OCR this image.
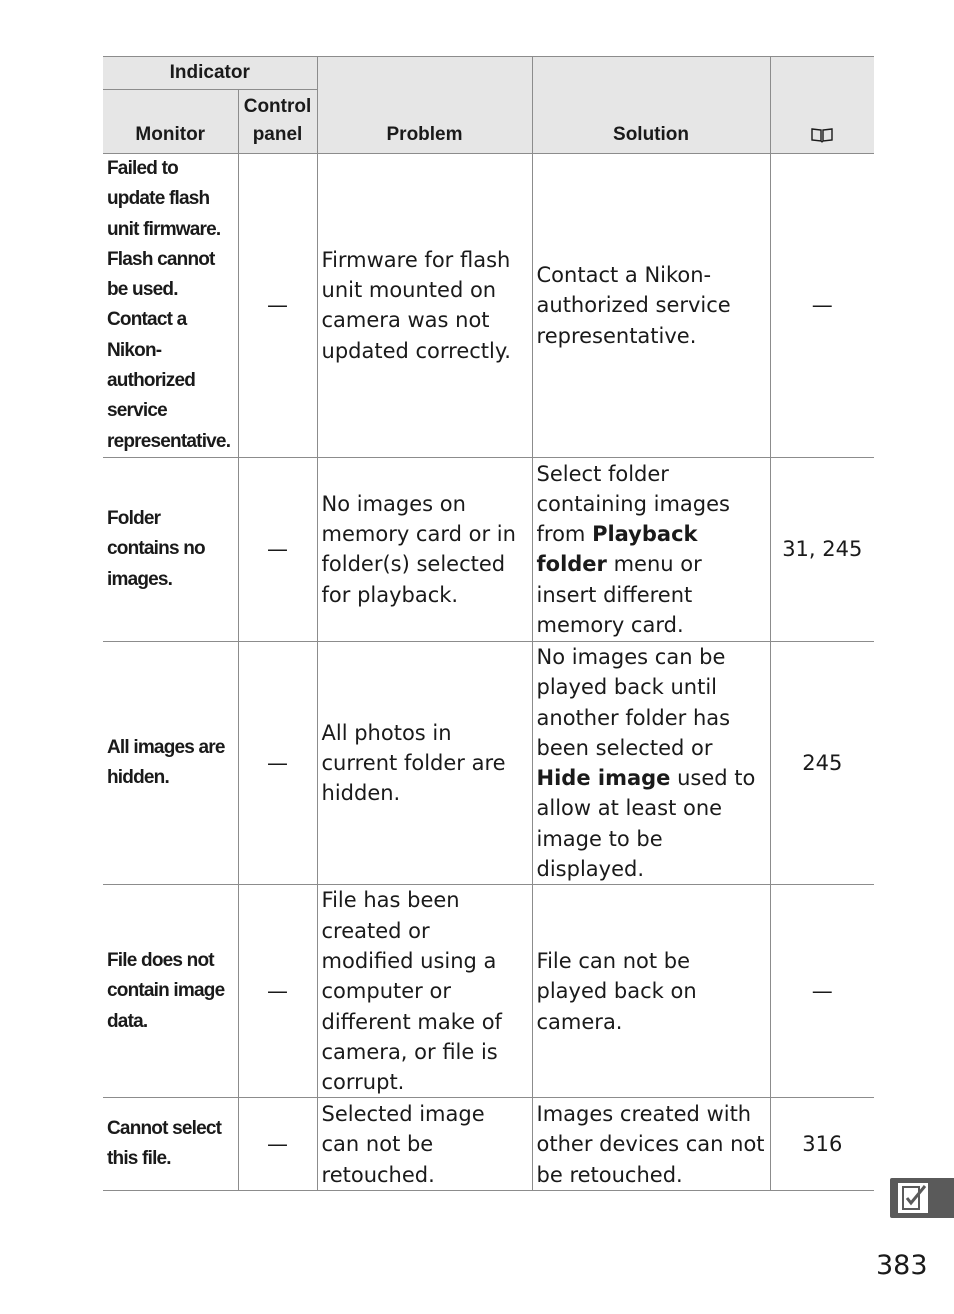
Indicator		Problem	Solution	
Monitor	Control
panel			
Failed to update flash unit firmware. Flash cannot be used. Contact a Nikon-authorized service representative.	—	Firmware for flash unit mounted on camera was not updated correctly.	Contact a Nikon-authorized service representative.	—
Folder contains no images.	—	No images on memory card or in folder(s) selected for playback.	Select folder containing images from Playback folder menu or insert different memory card.	31, 245
All images are hidden.	—	All photos in current folder are hidden.	No images can be played back until another folder has been selected or Hide image used to allow at least one image to be displayed.	245
File does not contain image data.	—	File has been created or modified using a computer or different make of camera, or file is corrupt.	File can not be played back on camera.	—
Cannot select this file.	—	Selected image can not be retouched.	Images created with other devices can not be retouched.	316
383
